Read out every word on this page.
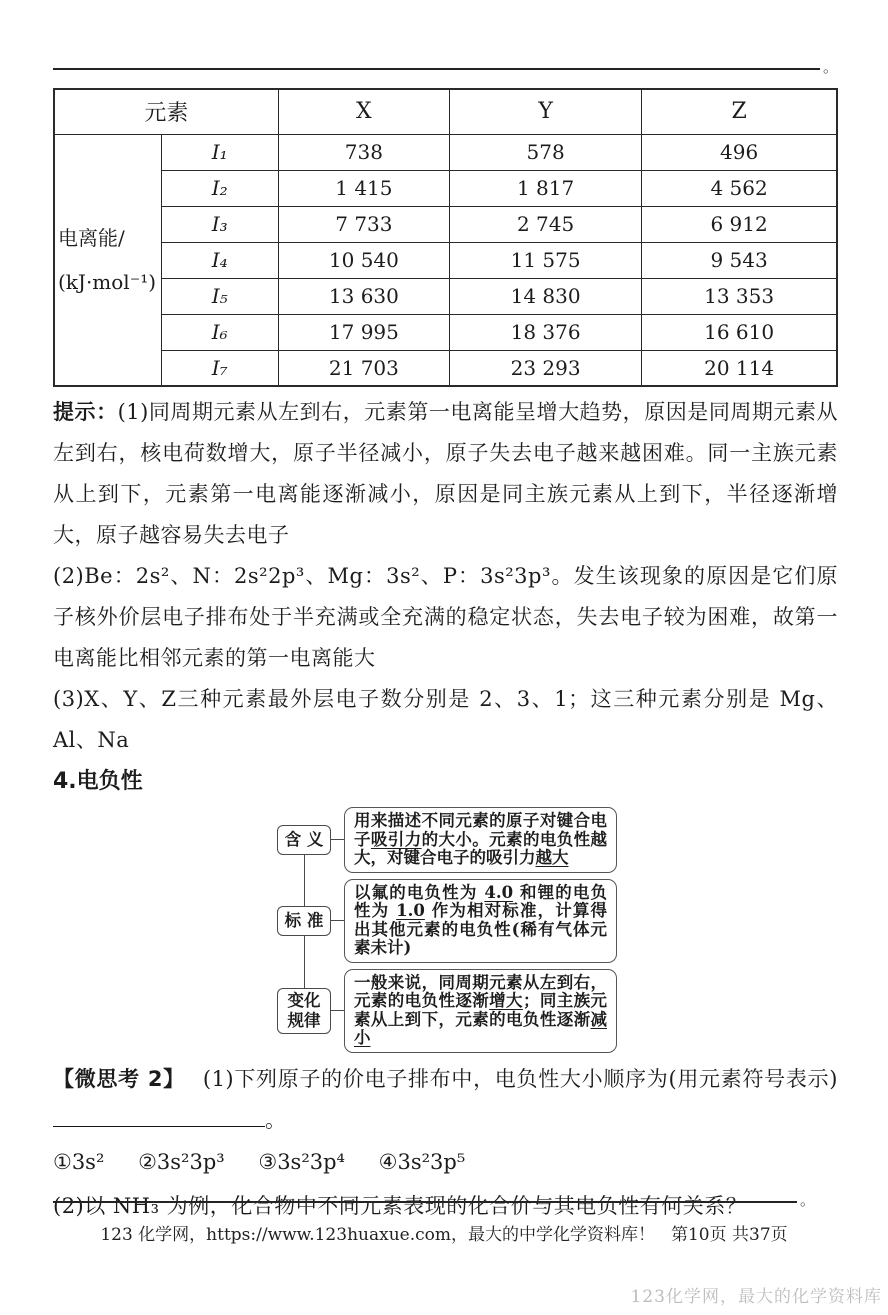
。
元素		X	Y	Z
电离能/
(kJ·mol⁻¹)	I₁	738	578	496
	I₂	1 415	1 817	4 562
	I₃	7 733	2 745	6 912
	I₄	10 540	11 575	9 543
	I₅	13 630	14 830	13 353
	I₆	17 995	18 376	16 610
	I₇	21 703	23 293	20 114

提示：(1)同周期元素从左到右，元素第一电离能呈增大趋势，原因是同周期元素从左到右，核电荷数增大，原子半径减小，原子失去电子越来越困难。同一主族元素从上到下，元素第一电离能逐渐减小，原因是同主族元素从上到下，半径逐渐增大，原子越容易失去电子

(2)Be：2s²、N：2s²2p³、Mg：3s²、P：3s²3p³。发生该现象的原因是它们原子核外价层电子排布处于半充满或全充满的稳定状态，失去电子较为困难，故第一电离能比相邻元素的第一电离能大

(3)X、Y、Z三种元素最外层电子数分别是 2、3、1；这三种元素分别是 Mg、Al、Na

4.电负性
含 义
用来描述不同元素的原子对键合电子吸引力的大小。元素的电负性越大，对键合电子的吸引力越大
标 准
以氟的电负性为 4.0 和锂的电负性为 1.0 作为相对标准，计算得出其他元素的电负性(稀有气体元素未计)
变化 规律
一般来说，同周期元素从左到右，元素的电负性逐渐增大；同主族元素从上到下，元素的电负性逐渐减小

【微思考 2】 (1)下列原子的价电子排布中，电负性大小顺序为(用元素符号表示)。

①3s² ②3s²3p³ ③3s²3p⁴ ④3s²3p⁵

(2)以 NH₃ 为例，化合物中不同元素表现的化合价与其电负性有何关系？	。
123 化学网，https://www.123huaxue.com，最大的中学化学资料库！ 第10页 共37页
123化学网，最大的化学资料库
